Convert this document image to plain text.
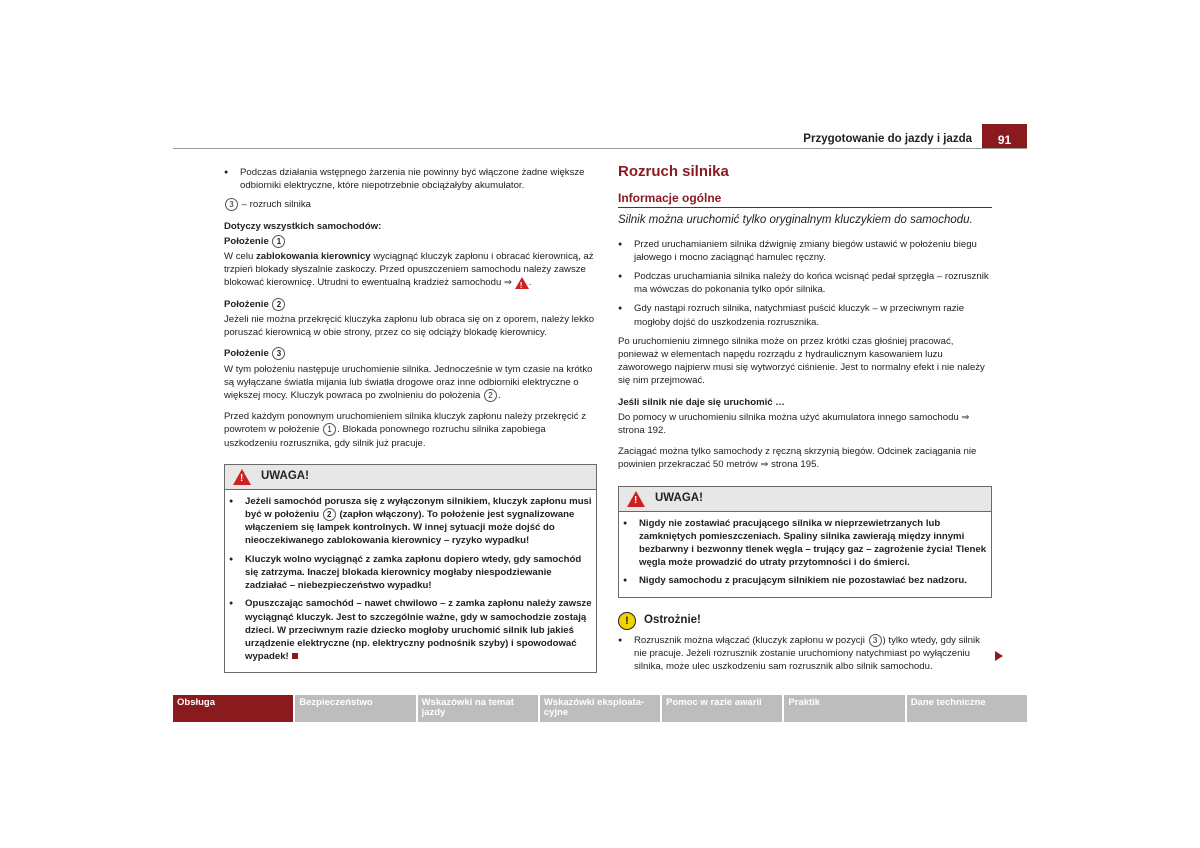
Przygotowanie do jazdy i jazda	91
● Podczas działania wstępnego żarzenia nie powinny być włączone żadne większe odbiorniki elektryczne, które niepotrzebnie obciążałyby akumulator.

3 – rozruch silnika

Dotyczy wszystkich samochodów:
Położenie 1

W celu zablokowania kierownicy wyciągnąć kluczyk zapłonu i obracać kierownicą, aż trzpień blokady słyszalnie zaskoczy. Przed opuszczeniem samochodu należy zawsze blokować kierownicę. Utrudni to ewentualną kradzież samochodu ⇒ ! .

Położenie 2

Jeżeli nie można przekręcić kluczyka zapłonu lub obraca się on z oporem, należy lekko poruszać kierownicą w obie strony, przez co się odciąży blokadę kierownicy.

Położenie 3

W tym położeniu następuje uruchomienie silnika. Jednocześnie w tym czasie na krótko są wyłączane światła mijania lub światła drogowe oraz inne odbiorniki elektryczne o większej mocy. Kluczyk powraca po zwolnieniu do położenia 2 .

Przed każdym ponownym uruchomieniem silnika kluczyk zapłonu należy przekręcić z powrotem w położenie 1 . Blokada ponownego rozruchu silnika zapobiega uszkodzeniu rozrusznika, gdy silnik już pracuje.

!
UWAGA!
● Jeżeli samochód porusza się z wyłączonym silnikiem, kluczyk zapłonu musi być w położeniu 2 (zapłon włączony). To położenie jest sygnalizowane włączeniem się lampek kontrolnych. W innej sytuacji może dojść do nieoczekiwanego zablokowania kierownicy – ryzyko wypadku!
● Kluczyk wolno wyciągnąć z zamka zapłonu dopiero wtedy, gdy samochód się zatrzyma. Inaczej blokada kierownicy mogłaby niespodziewanie zadziałać – niebezpieczeństwo wypadku!
● Opuszczając samochód – nawet chwilowo – z zamka zapłonu należy zawsze wyciągnąć kluczyk. Jest to szczególnie ważne, gdy w samochodzie zostają dzieci. W przeciwnym razie dziecko mogłoby uruchomić silnik lub jakieś urządzenie elektryczne (np. elektryczny podnośnik szyby) i spowodować wypadek!
Rozruch silnika
Informacje ogólne
Silnik można uruchomić tylko oryginalnym kluczykiem do samochodu.
● Przed uruchamianiem silnika dźwignię zmiany biegów ustawić w położeniu biegu jałowego i mocno zaciągnąć hamulec ręczny.
● Podczas uruchamiania silnika należy do końca wcisnąć pedał sprzęgła – rozrusznik ma wówczas do pokonania tylko opór silnika.
● Gdy nastąpi rozruch silnika, natychmiast puścić kluczyk – w przeciwnym razie mogłoby dojść do uszkodzenia rozrusznika.

Po uruchomieniu zimnego silnika może on przez krótki czas głośniej pracować, ponieważ w elementach napędu rozrządu z hydraulicznym kasowaniem luzu zaworowego najpierw musi się wytworzyć ciśnienie. Jest to normalny efekt i nie należy się nim przejmować.

Jeśli silnik nie daje się uruchomić …

Do pomocy w uruchomieniu silnika można użyć akumulatora innego samochodu ⇒ strona 192.

Zaciągać można tylko samochody z ręczną skrzynią biegów. Odcinek zaciągania nie powinien przekraczać 50 metrów ⇒ strona 195.

!
UWAGA!
● Nigdy nie zostawiać pracującego silnika w nieprzewietrzanych lub zamkniętych pomieszczeniach. Spaliny silnika zawierają między innymi bezbarwny i bezwonny tlenek węgla – trujący gaz – zagrożenie życia! Tlenek węgla może prowadzić do utraty przytomności i do śmierci.
● Nigdy samochodu z pracującym silnikiem nie pozostawiać bez nadzoru.
!	Ostrożnie!
● Rozrusznik można włączać (kluczyk zapłonu w pozycji 3 ) tylko wtedy, gdy silnik nie pracuje. Jeżeli rozrusznik zostanie uruchomiony natychmiast po wyłączeniu silnika, może ulec uszkodzeniu sam rozrusznik albo silnik samochodu.
Obsługa	Bezpieczeństwo	Wskazówki na temat jazdy
Wskazówki eksploata-cyjne
Pomoc w razie awarii	Praktik	Dane techniczne
